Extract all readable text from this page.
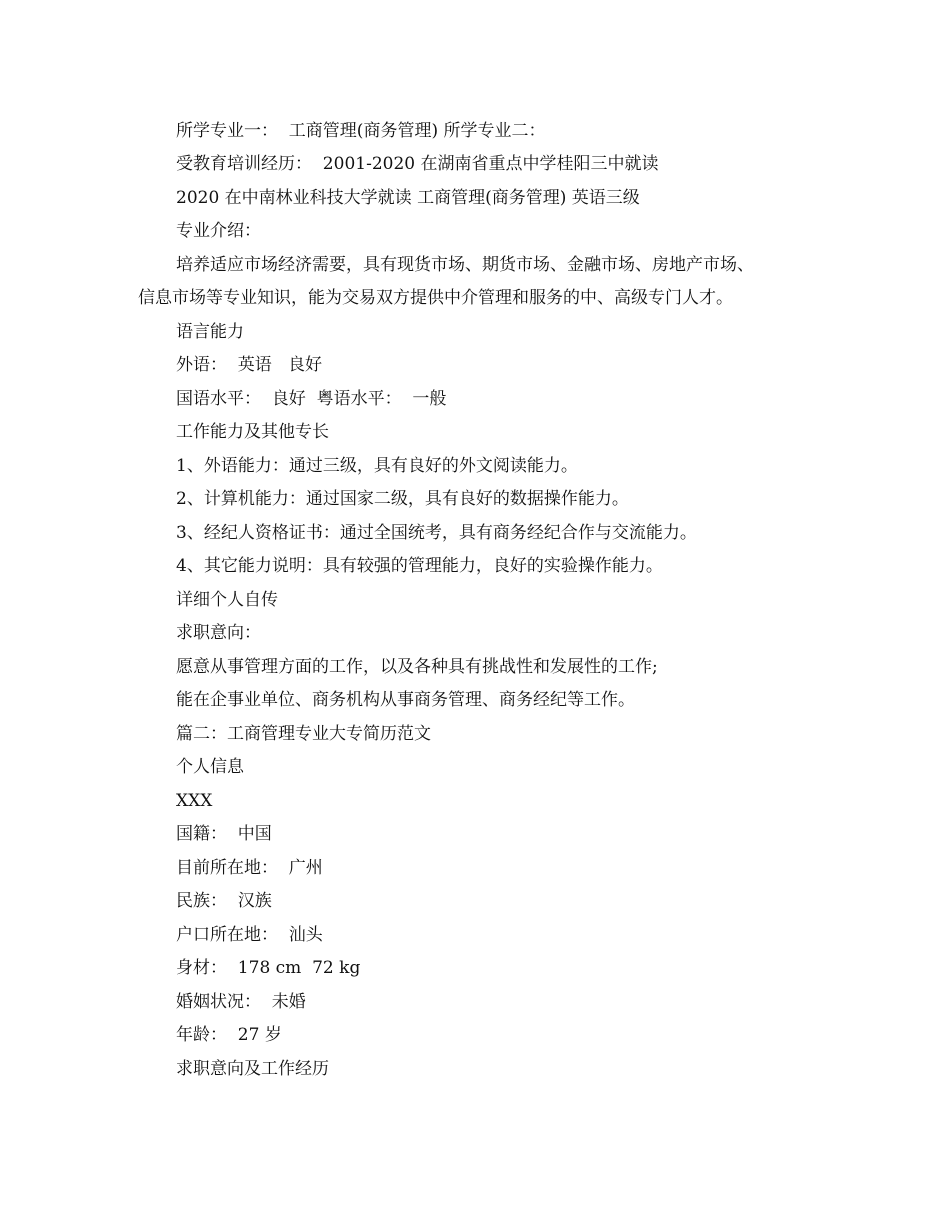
所学专业一：  工商管理(商务管理) 所学专业二：
受教育培训经历：  2001-2020 在湖南省重点中学桂阳三中就读
2020 在中南林业科技大学就读 工商管理(商务管理) 英语三级
专业介绍：
培养适应市场经济需要，具有现货市场、期货市场、金融市场、房地产市场、
信息市场等专业知识，能为交易双方提供中介管理和服务的中、高级专门人才。
语言能力
外语：  英语   良好
国语水平：  良好  粤语水平：  一般
工作能力及其他专长
1、外语能力：通过三级，具有良好的外文阅读能力。
2、计算机能力：通过国家二级，具有良好的数据操作能力。
3、经纪人资格证书：通过全国统考，具有商务经纪合作与交流能力。
4、其它能力说明：具有较强的管理能力，良好的实验操作能力。
详细个人自传
求职意向：
愿意从事管理方面的工作，以及各种具有挑战性和发展性的工作;
能在企事业单位、商务机构从事商务管理、商务经纪等工作。
篇二：工商管理专业大专简历范文
个人信息
XXX
国籍：  中国
目前所在地：  广州
民族：  汉族
户口所在地：  汕头
身材：  178 cm  72 kg
婚姻状况：  未婚
年龄：  27 岁
求职意向及工作经历
